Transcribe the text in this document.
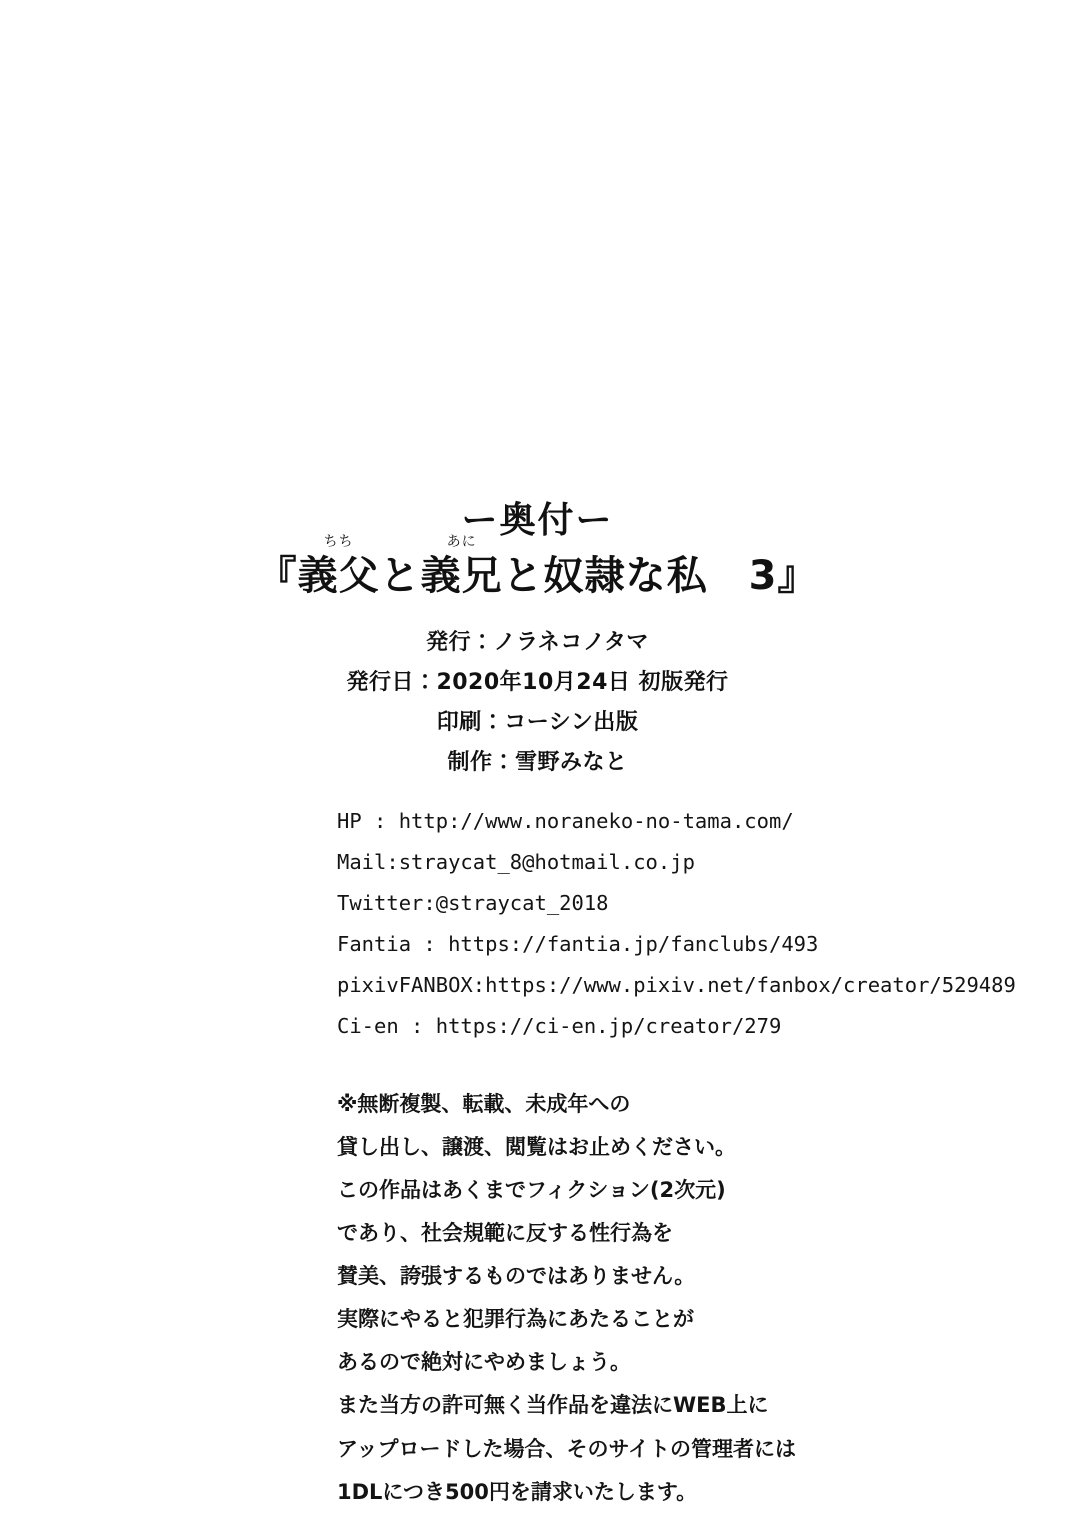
ー奥付ー
『
ちち
義父と
あに
義兄と奴隷な私　3』
発行：ノラネコノタマ
発行日：2020年10月24日 初版発行
印刷：コーシン出版
制作：雪野みなと
HP : http://www.noraneko-no-tama.com/
Mail:straycat_8@hotmail.co.jp
Twitter:@straycat_2018
Fantia : https://fantia.jp/fanclubs/493
pixivFANBOX:https://www.pixiv.net/fanbox/creator/529489
Ci-en : https://ci-en.jp/creator/279
※無断複製、転載、未成年への
貸し出し、譲渡、閲覧はお止めください。
この作品はあくまでフィクション(2次元)
であり、社会規範に反する性行為を
賛美、誇張するものではありません。
実際にやると犯罪行為にあたることが
あるので絶対にやめましょう。
また当方の許可無く当作品を違法にWEB上に
アップロードした場合、そのサイトの管理者には
1DLにつき500円を請求いたします。
